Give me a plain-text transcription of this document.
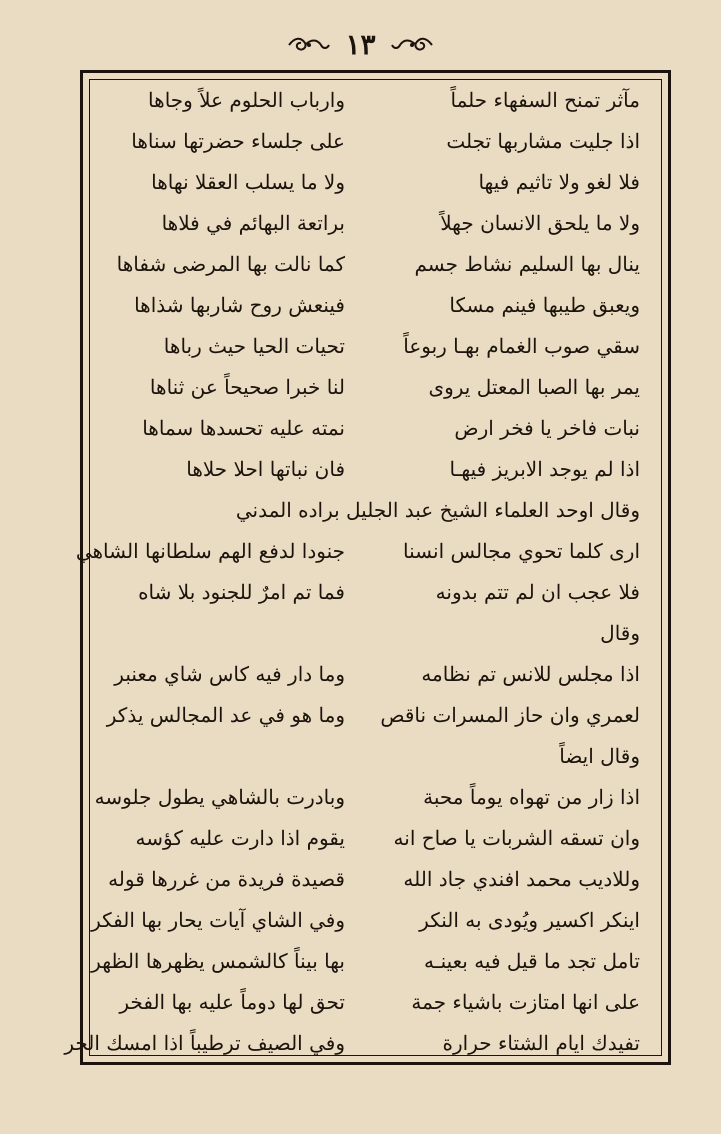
١٣
مآثر تمنح السفهاء حلماً
وارباب الحلوم علاً وجاها
اذا جليت مشاربها تجلت
على جلساء حضرتها سناها
فلا لغو ولا تاثيم فيها
ولا ما يسلب العقلا نهاها
ولا ما يلحق الانسان جهلاً
براتعة البهائم في فلاها
ينال بها السليم نشاط جسم
كما نالت بها المرضى شفاها
ويعبق طيبها فينم مسكا
فينعش روح شاربها شذاها
سقي صوب الغمام بهـا ربوعاً
تحيات الحيا حيث رباها
يمر بها الصبا المعتل يروى
لنا خبرا صحيحاً عن ثناها
نبات فاخر يا فخر ارض
نمته عليه تحسدها سماها
اذا لم يوجد الابريز فيهـا
فان نباتها احلا حلاها
وقال اوحد العلماء الشيخ عبد الجليل براده المدني
ارى كلما تحوي مجالس انسنا
جنودا لدفع الهم سلطانها الشاهي
فلا عجب ان لم تتم بدونه
فما تم امرٌ للجنود بلا شاه
وقال
اذا مجلس للانس تم نظامه
وما دار فيه كاس شاي معنبر
لعمري وان حاز المسرات ناقص
وما هو في عد المجالس يذكر
وقال ايضاً
اذا زار من تهواه يوماً محبة
وبادرت بالشاهي يطول جلوسه
وان تسقه الشربات يا صاح انه
يقوم اذا دارت عليه كؤسه
وللاديب محمد افندي جاد الله
قصيدة فريدة من غررها قوله
اينكر اكسير ويُودى به النكر
وفي الشاي آيات يحار بها الفكر
تامل تجد ما قيل فيه بعينـه
بها بيناً كالشمس يظهرها الظهر
على انها امتازت باشياء جمة
تحق لها دوماً عليه بها الفخر
تفيدك ايام الشتاء حرارة
وفي الصيف ترطيباً اذا امسك الحر
